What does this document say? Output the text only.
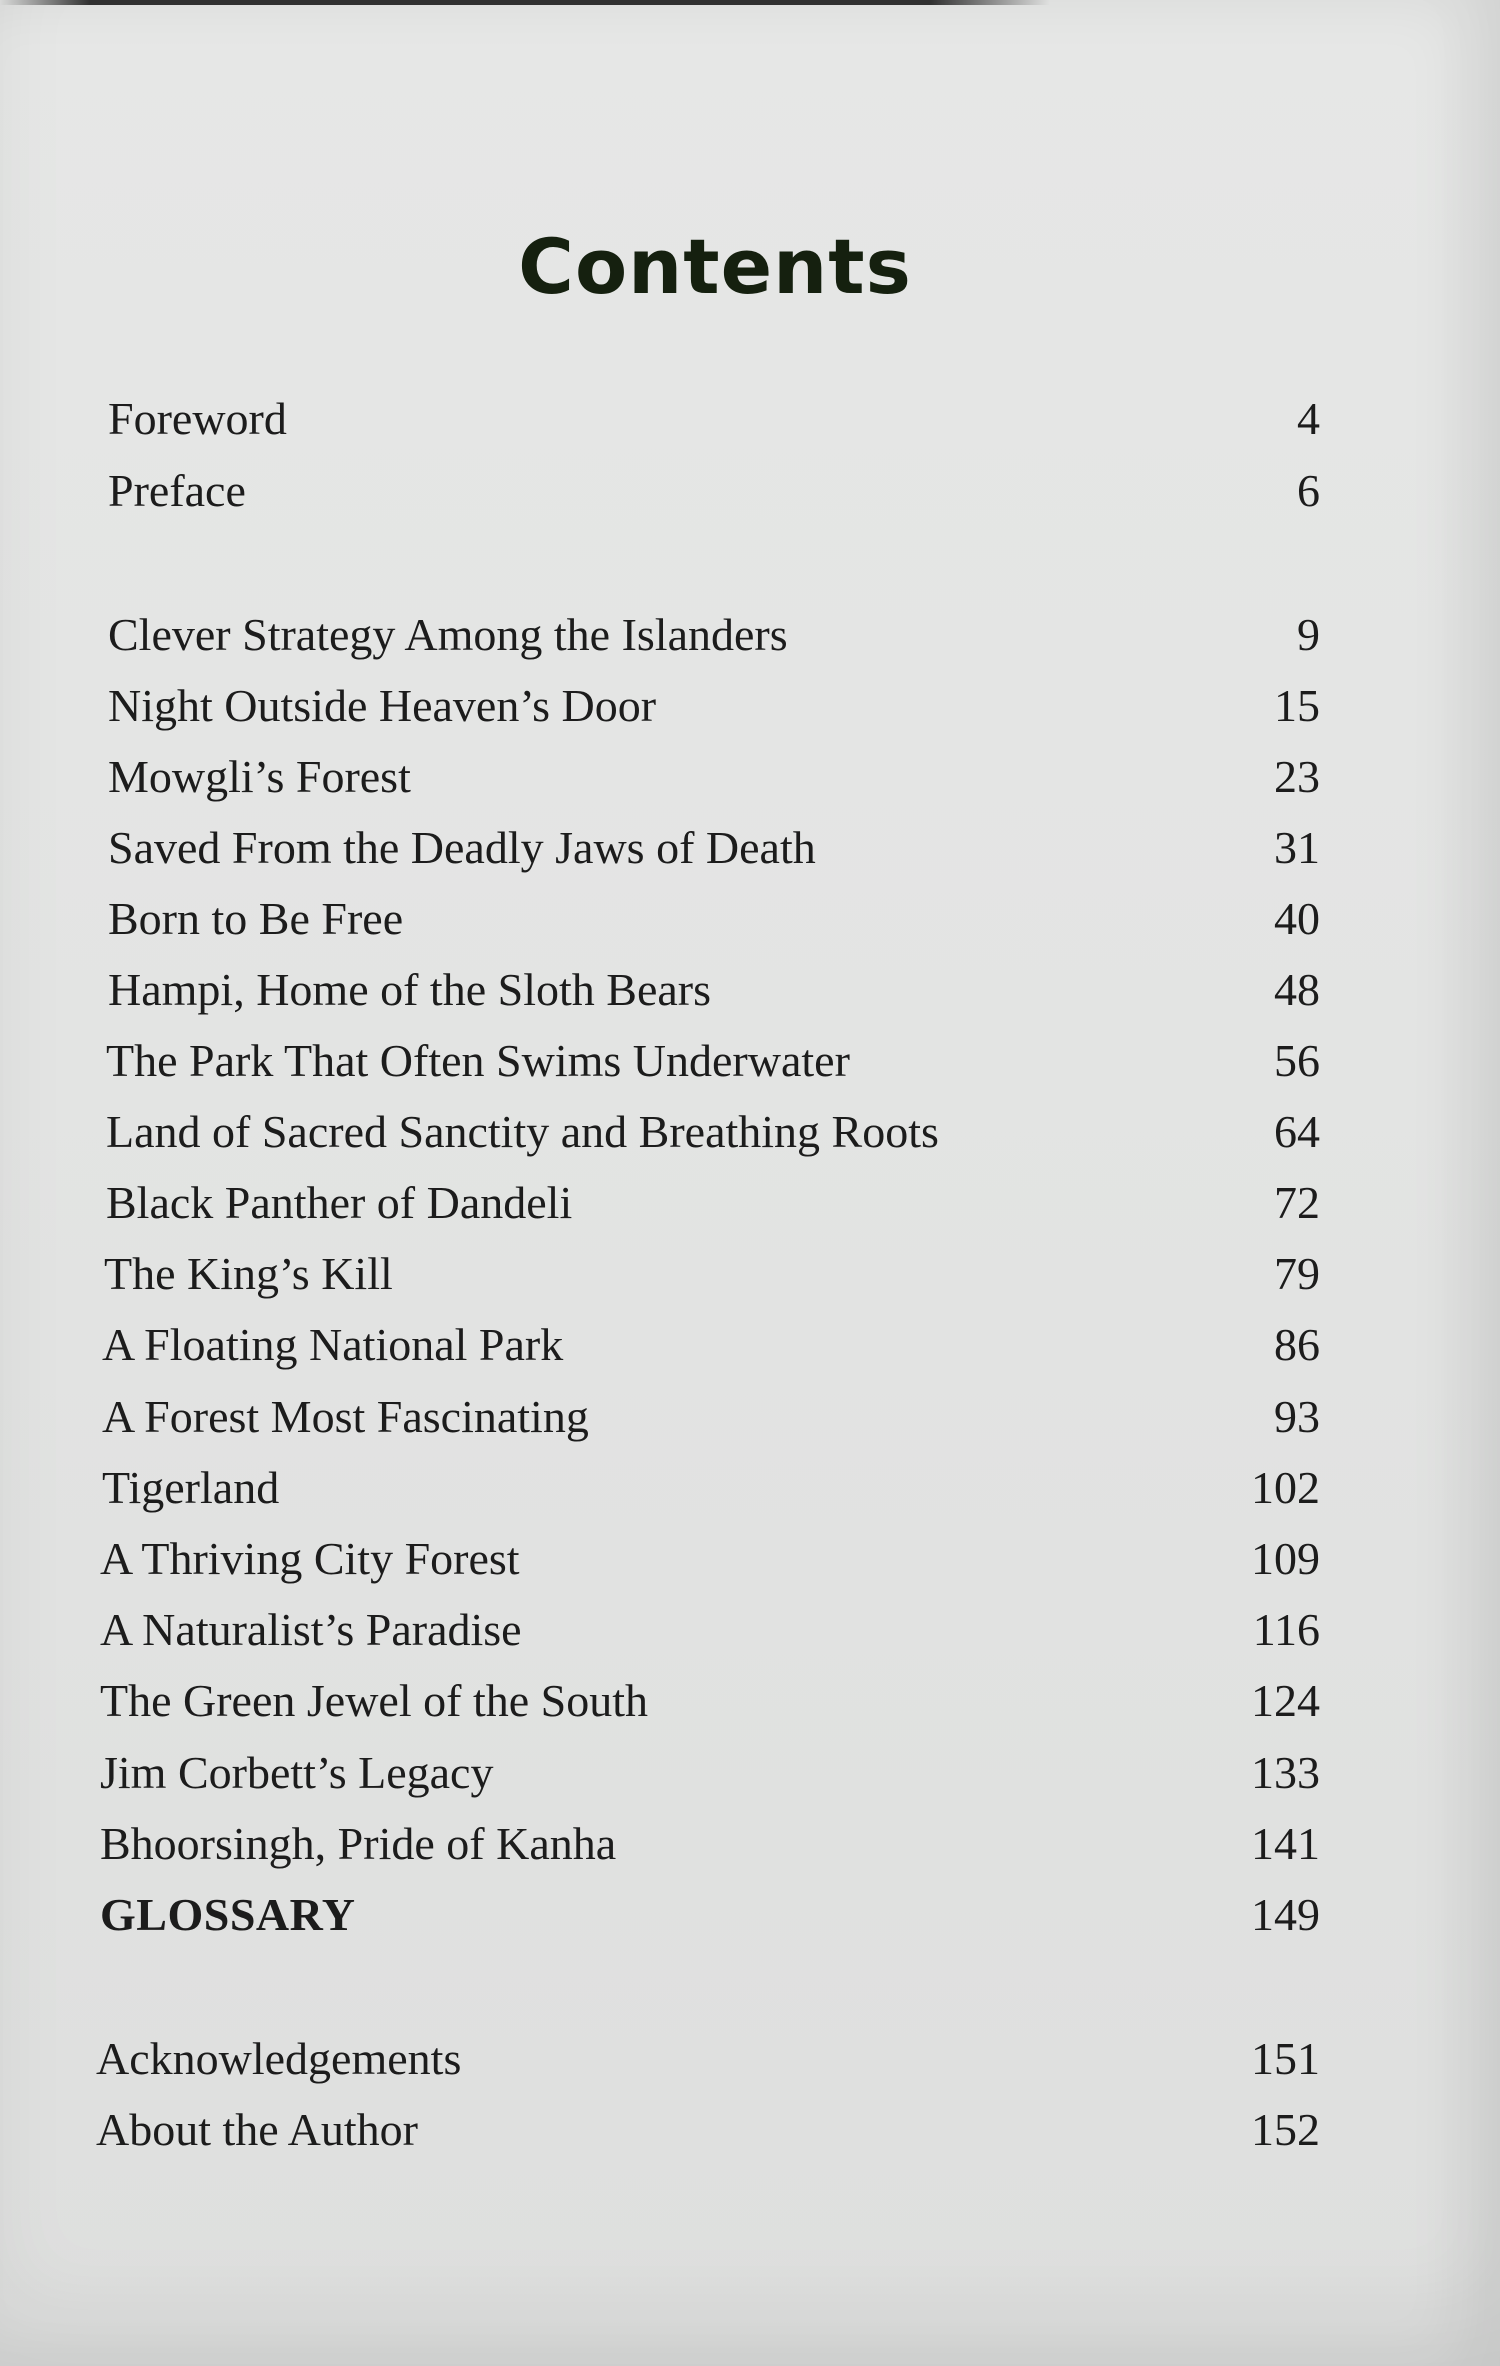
Contents
Foreword	4
Preface	6
Clever Strategy Among the Islanders	9
Night Outside Heaven’s Door	15
Mowgli’s Forest	23
Saved From the Deadly Jaws of Death	31
Born to Be Free	40
Hampi, Home of the Sloth Bears	48
The Park That Often Swims Underwater	56
Land of Sacred Sanctity and Breathing Roots	64
Black Panther of Dandeli	72
The King’s Kill	79
A Floating National Park	86
A Forest Most Fascinating	93
Tigerland	102
A Thriving City Forest	109
A Naturalist’s Paradise	116
The Green Jewel of the South	124
Jim Corbett’s Legacy	133
Bhoorsingh, Pride of Kanha	141
GLOSSARY	149
Acknowledgements	151
About the Author	152
